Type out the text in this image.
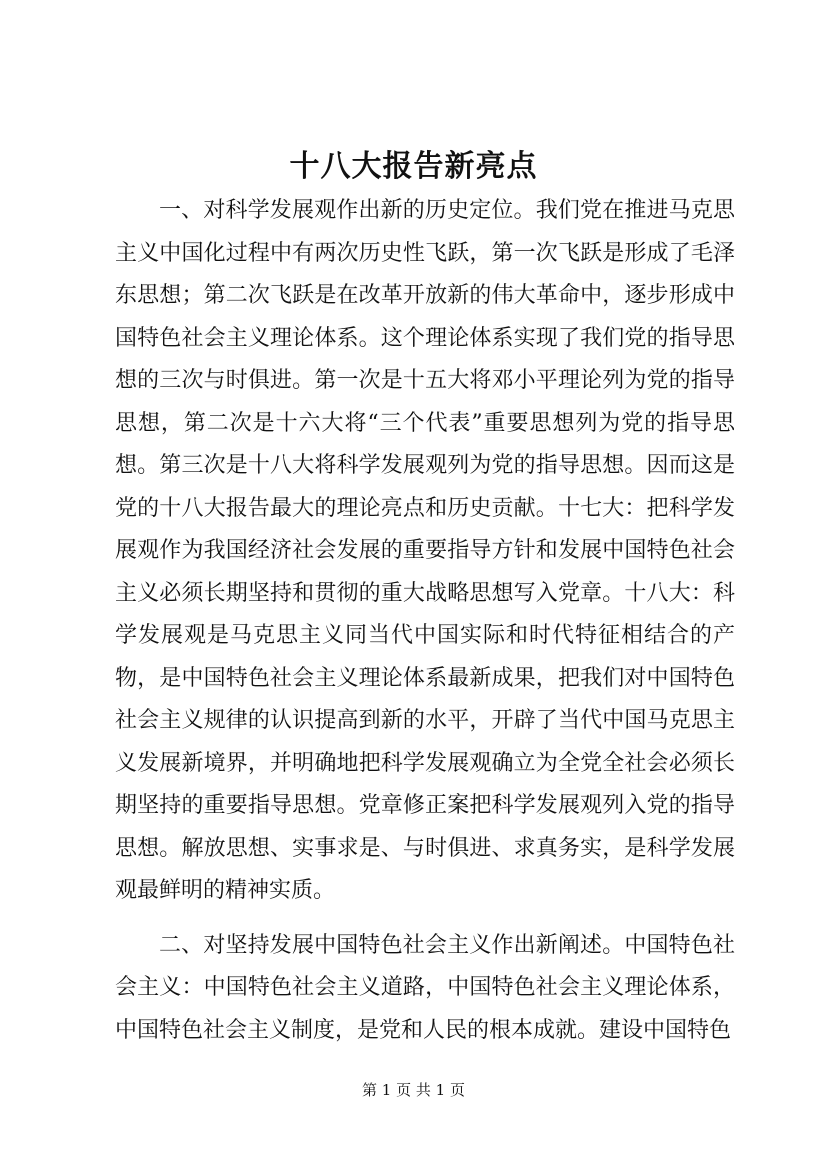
十八大报告新亮点

一、对科学发展观作出新的历史定位。我们党在推进马克思主义中国化过程中有两次历史性飞跃，第一次飞跃是形成了毛泽东思想；第二次飞跃是在改革开放新的伟大革命中，逐步形成中国特色社会主义理论体系。这个理论体系实现了我们党的指导思想的三次与时俱进。第一次是十五大将邓小平理论列为党的指导思想，第二次是十六大将“三个代表”重要思想列为党的指导思想。第三次是十八大将科学发展观列为党的指导思想。因而这是党的十八大报告最大的理论亮点和历史贡献。十七大：把科学发展观作为我国经济社会发展的重要指导方针和发展中国特色社会主义必须长期坚持和贯彻的重大战略思想写入党章。十八大：科学发展观是马克思主义同当代中国实际和时代特征相结合的产物，是中国特色社会主义理论体系最新成果，把我们对中国特色社会主义规律的认识提高到新的水平，开辟了当代中国马克思主义发展新境界，并明确地把科学发展观确立为全党全社会必须长期坚持的重要指导思想。党章修正案把科学发展观列入党的指导思想。解放思想、实事求是、与时俱进、求真务实，是科学发展观最鲜明的精神实质。

二、对坚持发展中国特色社会主义作出新阐述。中国特色社会主义：中国特色社会主义道路，中国特色社会主义理论体系，中国特色社会主义制度，是党和人民的根本成就。建设中国特色

第 1 页 共 1 页
